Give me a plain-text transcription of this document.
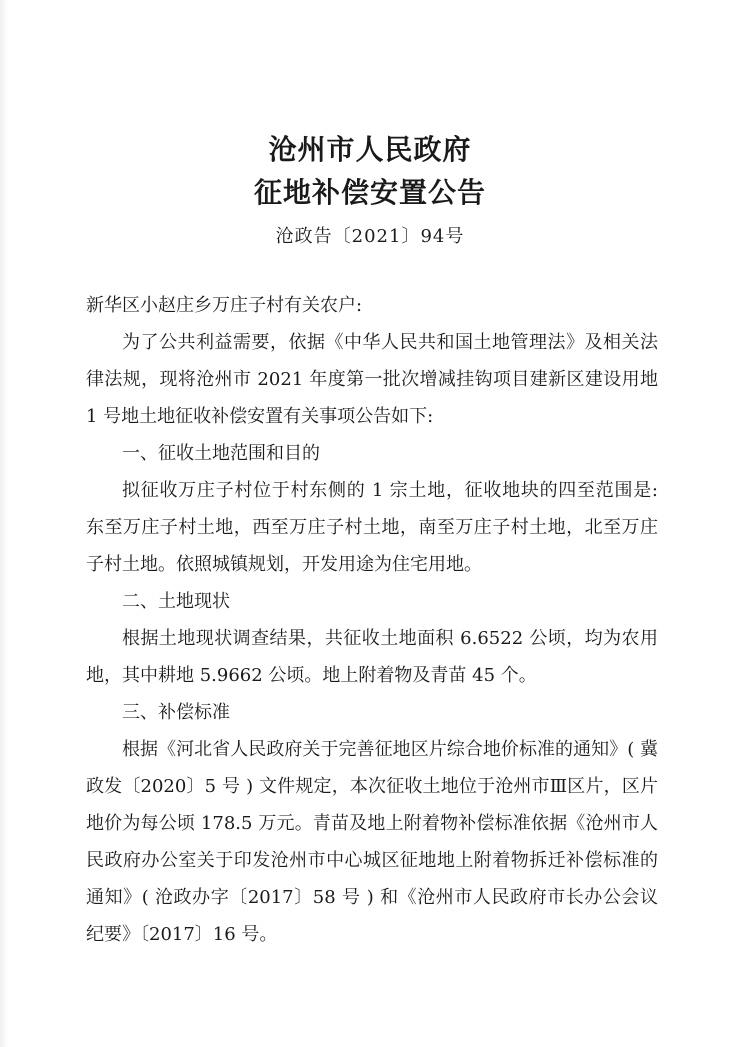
沧州市人民政府
征地补偿安置公告
沧政告〔2021〕94号
新华区小赵庄乡万庄子村有关农户:

为了公共利益需要，依据《中华人民共和国土地管理法》及相关法律法规，现将沧州市 2021 年度第一批次增减挂钩项目建新区建设用地 1 号地土地征收补偿安置有关事项公告如下:

一、征收土地范围和目的

拟征收万庄子村位于村东侧的 1 宗土地，征收地块的四至范围是: 东至万庄子村土地，西至万庄子村土地，南至万庄子村土地，北至万庄子村土地。依照城镇规划，开发用途为住宅用地。

二、土地现状

根据土地现状调查结果，共征收土地面积 6.6522 公顷，均为农用地，其中耕地 5.9662 公顷。地上附着物及青苗 45 个。

三、补偿标准

根据《河北省人民政府关于完善征地区片综合地价标准的通知》( 冀政发〔2020〕5 号 ) 文件规定，本次征收土地位于沧州市Ⅲ区片，区片地价为每公顷 178.5 万元。青苗及地上附着物补偿标准依据《沧州市人民政府办公室关于印发沧州市中心城区征地地上附着物拆迁补偿标准的通知》( 沧政办字〔2017〕58 号 ) 和《沧州市人民政府市长办公会议纪要》〔2017〕16 号。
